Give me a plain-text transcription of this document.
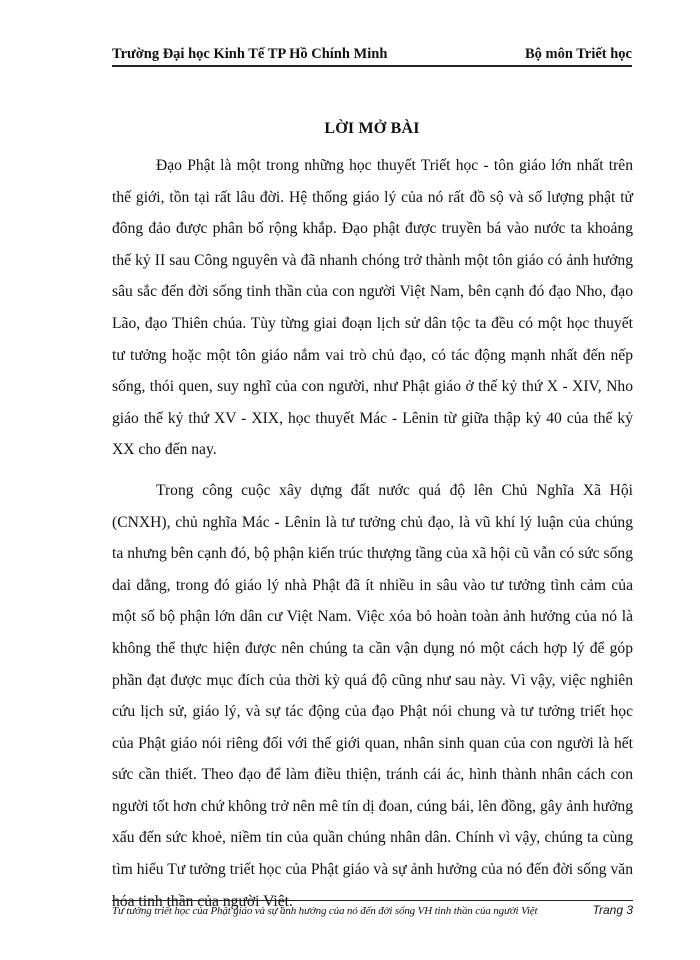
Trường Đại học Kinh Tế TP Hồ Chính Minh	Bộ môn Triết học
LỜI MỞ BÀI

Đạo Phật là một trong những học thuyết Triết học - tôn giáo lớn nhất trên thế giới, tồn tại rất lâu đời. Hệ thống giáo lý của nó rất đồ sộ và số lượng phật tử đông đảo được phân bố rộng khắp. Đạo phật được truyền bá vào nước ta khoảng thế kỷ II sau Công nguyên và đã nhanh chóng trở thành một tôn giáo có ảnh hưởng sâu sắc đến đời sống tinh thần của con người Việt Nam, bên cạnh đó đạo Nho, đạo Lão, đạo Thiên chúa. Tùy từng giai đoạn lịch sử dân tộc ta đều có một học thuyết tư tưởng hoặc một tôn giáo nắm vai trò chủ đạo, có tác động mạnh nhất đến nếp sống, thói quen, suy nghĩ của con người, như Phật giáo ở thế kỷ thứ X - XIV, Nho giáo thế kỷ thứ XV - XIX, học thuyết Mác - Lênin từ giữa thập kỷ 40 của thế kỷ XX cho đến nay.

Trong công cuộc xây dựng đất nước quá độ lên Chủ Nghĩa Xã Hội (CNXH), chủ nghĩa Mác - Lênin là tư tưởng chủ đạo, là vũ khí lý luận của chúng ta nhưng bên cạnh đó, bộ phận kiến trúc thượng tầng của xã hội cũ vẫn có sức sống dai dẳng, trong đó giáo lý nhà Phật đã ít nhiều in sâu vào tư tưởng tình cảm của một số bộ phận lớn dân cư Việt Nam. Việc xóa bỏ hoàn toàn ảnh hưởng của nó là không thể thực hiện được nên chúng ta cần vận dụng nó một cách hợp lý để góp phần đạt được mục đích của thời kỳ quá độ cũng như sau này. Vì vậy, việc nghiên cứu lịch sử, giáo lý, và sự tác động của đạo Phật nói chung và tư tưởng triết học của Phật giáo nói riêng đối với thế giới quan, nhân sinh quan của con người là hết sức cần thiết. Theo đạo để làm điều thiện, tránh cái ác, hình thành nhân cách con người tốt hơn chứ không trở nên mê tín dị đoan, cúng bái, lên đồng, gây ảnh hưởng xấu đến sức khoẻ, niềm tin của quần chúng nhân dân. Chính vì vậy, chúng ta cùng tìm hiểu Tư tưởng triết học của Phật giáo và sự ảnh hưởng của nó đến đời sống văn hóa tinh thần của người Việt.

Tư tưởng triết học của Phật giáo và sự ảnh hưởng của nó đến đời sống VH tinh thần của người Việt	Trang 3
